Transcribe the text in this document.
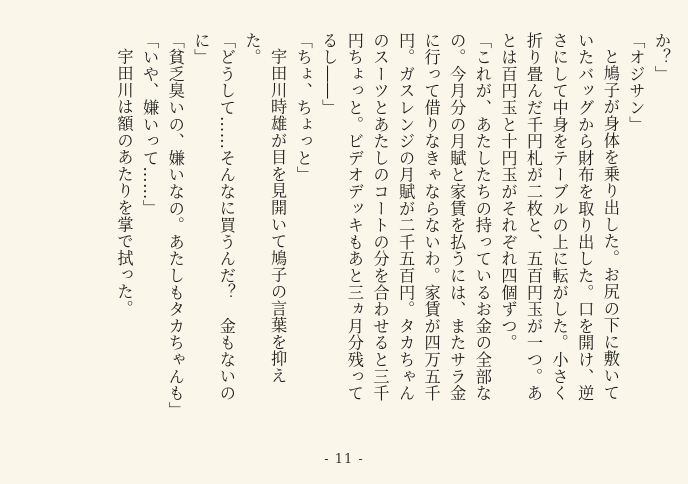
か？」
「オジサン」
と鳩子が身体を乗り出した。お尻の下に敷いて
いたバッグから財布を取り出した。口を開け、逆
さにして中身をテーブルの上に転がした。小さく
折り畳んだ千円札が二枚と、五百円玉が一つ。あ
とは百円玉と十円玉がそれぞれ四個ずつ。
「これが、あたしたちの持っているお金の全部な
の。今月分の月賦と家賃を払うには、またサラ金
に行って借りなきゃならないわ。家賃が四万五千
円。ガスレンジの月賦が二千五百円。タカちゃん
のスーツとあたしのコートの分を合わせると三千
円ちょっと。ビデオデッキもあと三ヵ月分残って
るし――」
「ちょ、ちょっと」
宇田川時雄が目を見開いて鳩子の言葉を抑え
た。
「どうして……そんなに買うんだ？　金もないの
に」
「貧乏臭いの、嫌いなの。あたしもタカちゃんも」
「いや、嫌いって……」
宇田川は額のあたりを掌で拭った。
- 11 -
